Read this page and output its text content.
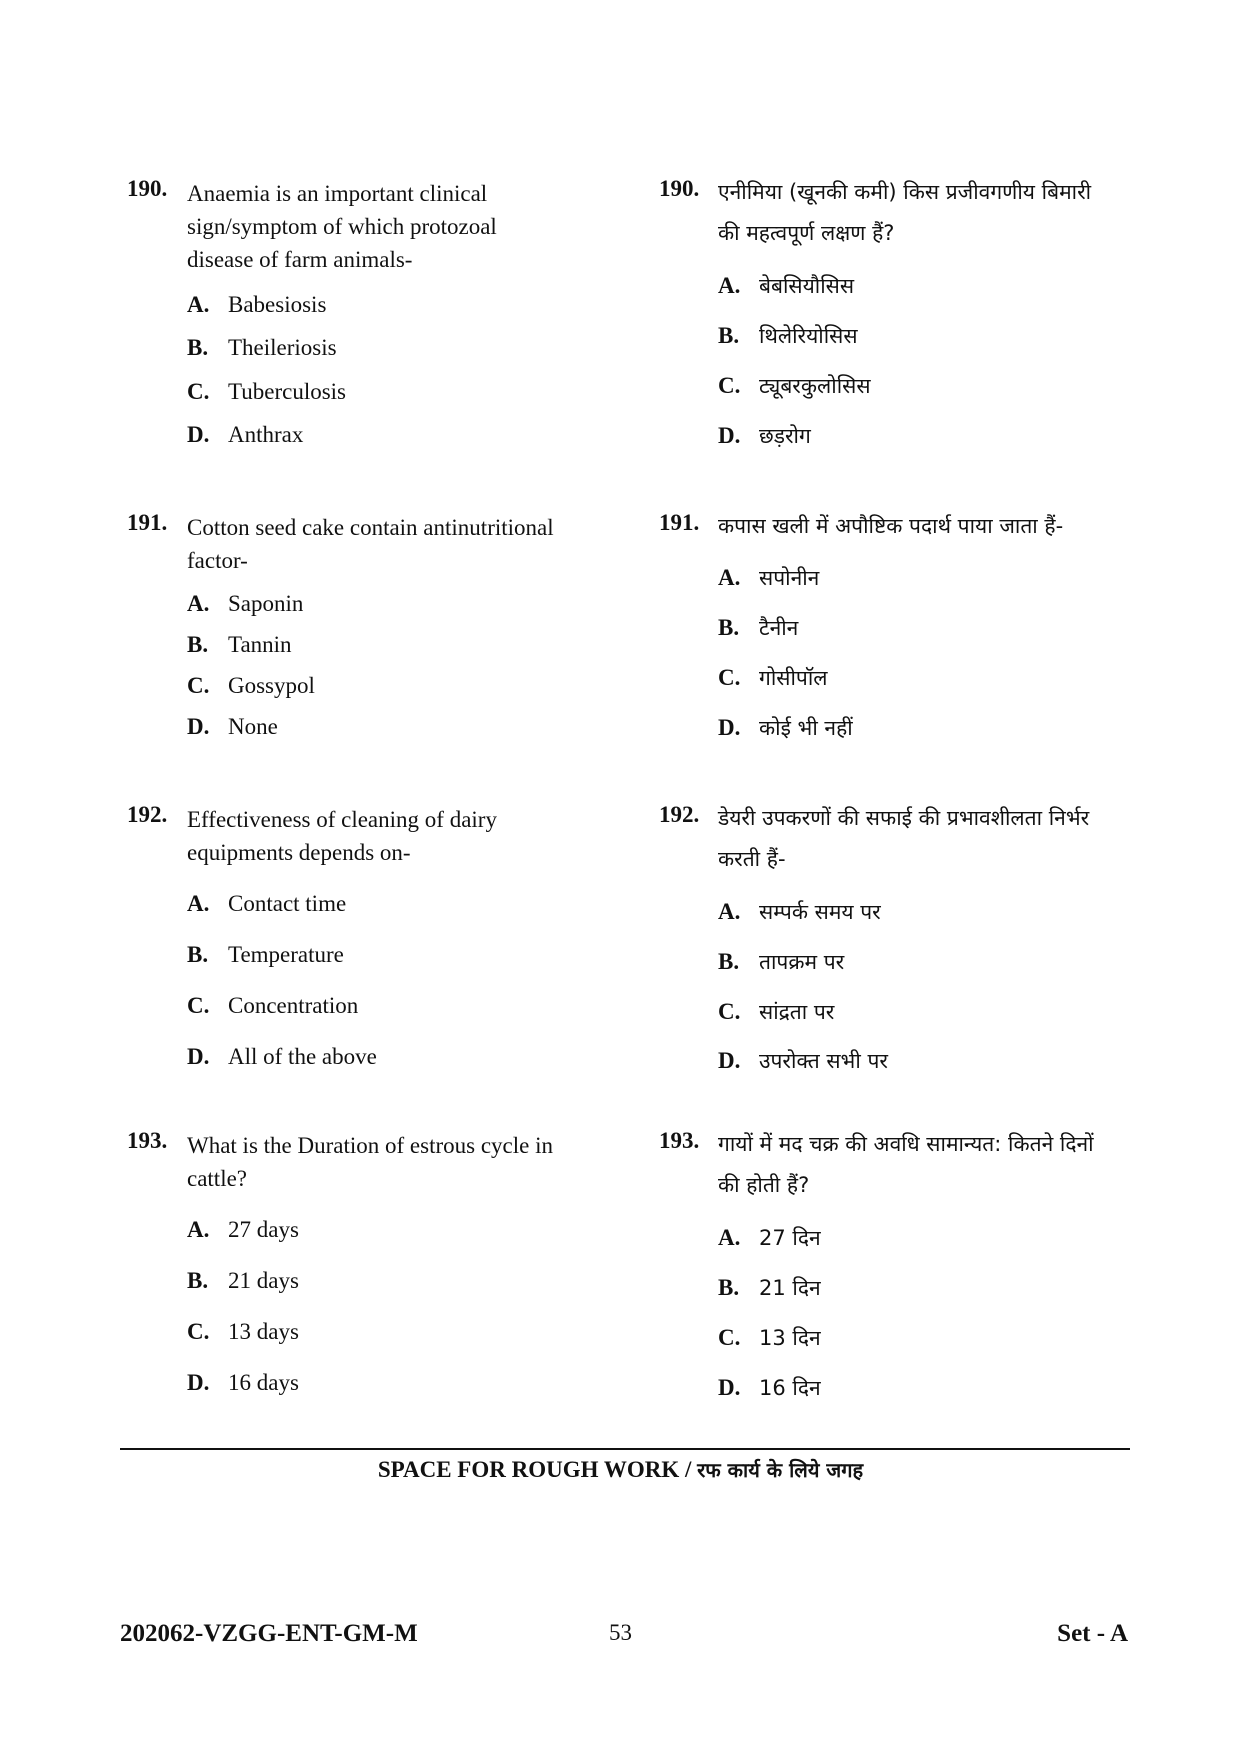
190. Anaemia is an important clinical
sign/symptom of which protozoal
disease of farm animals-
A. Babesiosis
B. Theileriosis
C. Tuberculosis
D. Anthrax
191. Cotton seed cake contain antinutritional
factor-
A. Saponin
B. Tannin
C. Gossypol
D. None
192. Effectiveness of cleaning of dairy
equipments depends on-
A. Contact time
B. Temperature
C. Concentration
D. All of the above
193. What is the Duration of estrous cycle in
cattle?
A. 27 days
B. 21 days
C. 13 days
D. 16 days
190. एनीमिया (खूनकी कमी) किस प्रजीवगणीय बिमारी
की महत्वपूर्ण लक्षण हैं?
A. बेबसियौसिस
B. थिलेरियोसिस
C. ट्यूबरकुलोसिस
D. छड़रोग
191. कपास खली में अपौष्टिक पदार्थ पाया जाता हैं-
A. सपोनीन
B. टैनीन
C. गोसीपॉल
D. कोई भी नहीं
192. डेयरी उपकरणों की सफाई की प्रभावशीलता निर्भर
करती हैं-
A. सम्पर्क समय पर
B. तापक्रम पर
C. सांद्रता पर
D. उपरोक्त सभी पर
193. गायों में मद चक्र की अवधि सामान्यत: कितने दिनों
की होती हैं?
A. 27 दिन
B. 21 दिन
C. 13 दिन
D. 16 दिन
SPACE FOR ROUGH WORK / रफ कार्य के लिये जगह
202062-VZGG-ENT-GM-M	53	Set - A
